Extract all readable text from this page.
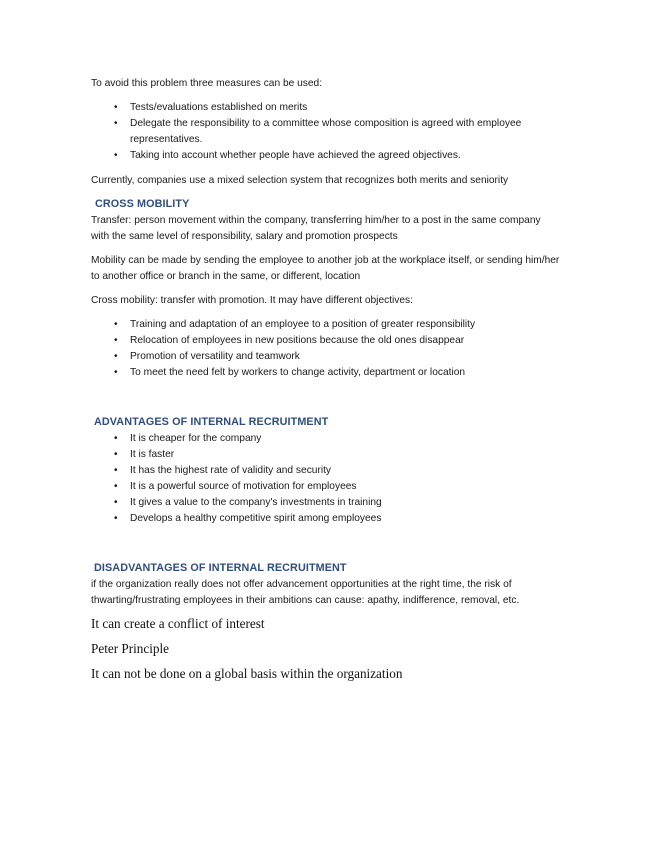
To avoid this problem three measures can be used:

• Tests/evaluations established on merits
• Delegate the responsibility to a committee whose composition is agreed with employee representatives.
• Taking into account whether people have achieved the agreed objectives.

Currently, companies use a mixed selection system that recognizes both merits and seniority

CROSS MOBILITY

Transfer: person movement within the company, transferring him/her to a post in the same company with the same level of responsibility, salary and promotion prospects

Mobility can be made by sending the employee to another job at the workplace itself, or sending him/her to another office or branch in the same, or different, location

Cross mobility: transfer with promotion. It may have different objectives:

• Training and adaptation of an employee to a position of greater responsibility
• Relocation of employees in new positions because the old ones disappear
• Promotion of versatility and teamwork
• To meet the need felt by workers to change activity, department or location
ADVANTAGES OF INTERNAL RECRUITMENT
• It is cheaper for the company
• It is faster
• It has the highest rate of validity and security
• It is a powerful source of motivation for employees
• It gives a value to the company's investments in training
• Develops a healthy competitive spirit among employees
DISADVANTAGES OF INTERNAL RECRUITMENT

if the organization really does not offer advancement opportunities at the right time, the risk of thwarting/frustrating employees in their ambitions can cause: apathy, indifference, removal, etc.

It can create a conflict of interest

Peter Principle

It can not be done on a global basis within the organization
